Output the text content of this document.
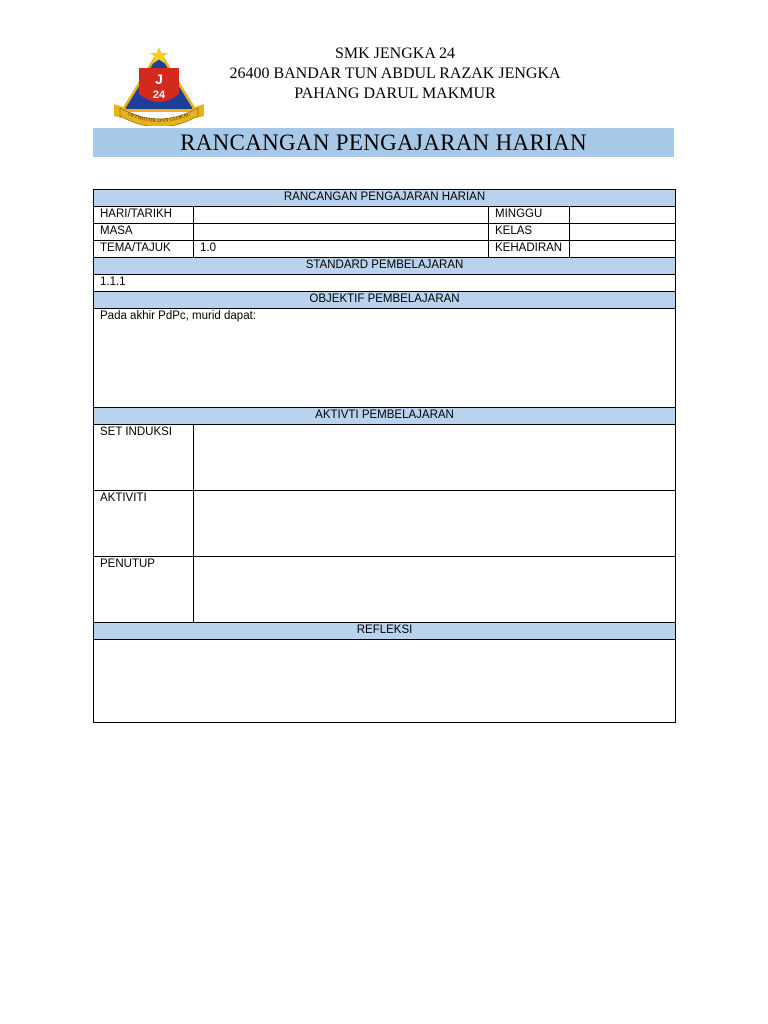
J
24
OPTIMISTIK DAN GLOKAL
SMK JENGKA 24
26400 BANDAR TUN ABDUL RAZAK JENGKA
PAHANG DARUL MAKMUR
RANCANGAN PENGAJARAN HARIAN
RANCANGAN PENGAJARAN HARIAN			
HARI/TARIKH		MINGGU	
MASA		KELAS	
TEMA/TAJUK	1.0	KEHADIRAN	
STANDARD PEMBELAJARAN			
1.1.1			
OBJEKTIF PEMBELAJARAN			
Pada akhir PdPc, murid dapat:			
AKTIVTI PEMBELAJARAN			
SET INDUKSI			
AKTIVITI			
PENUTUP			
REFLEKSI			
